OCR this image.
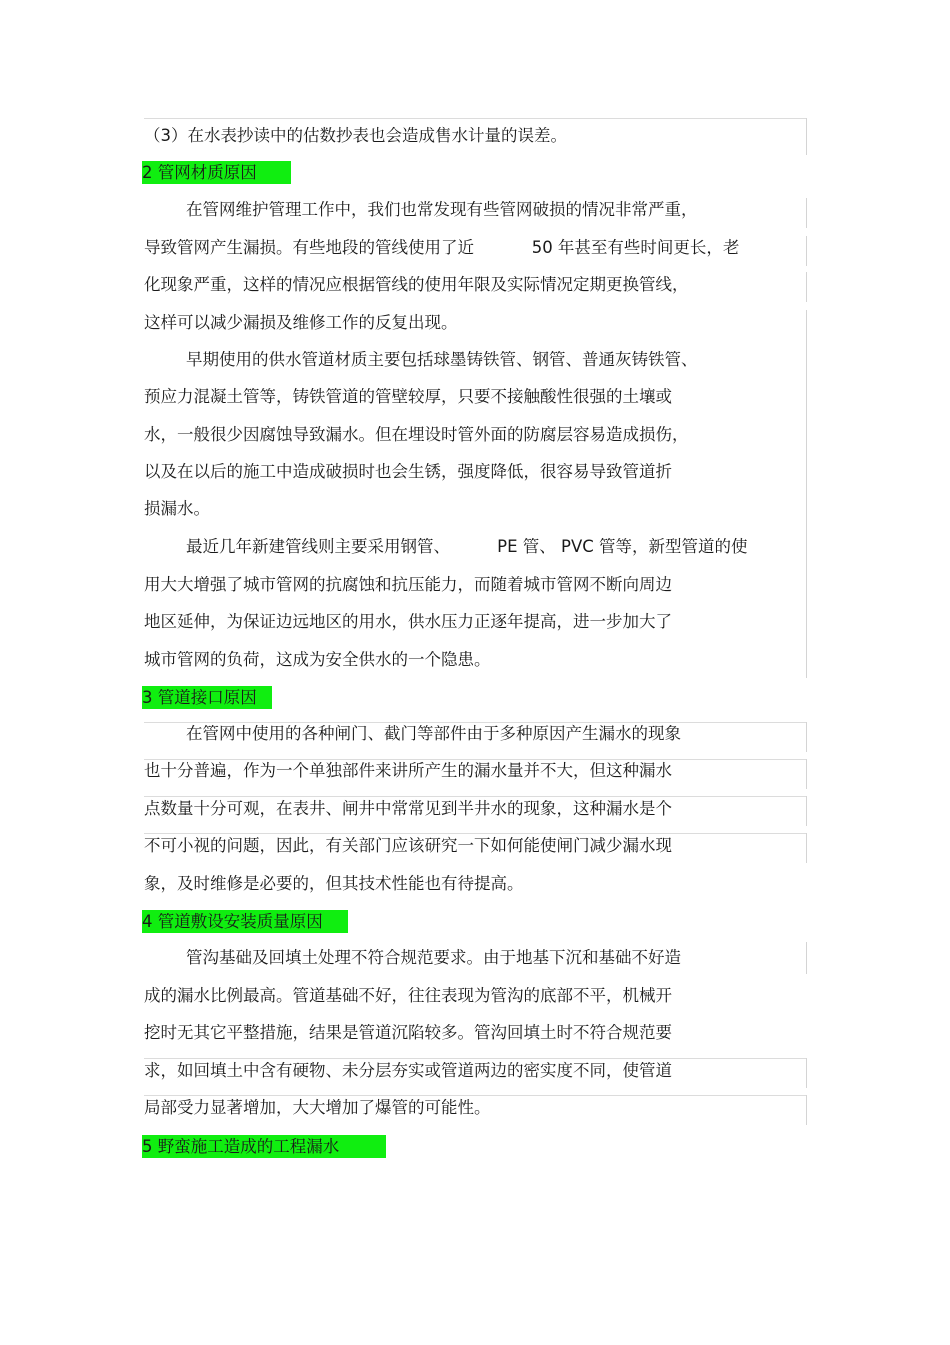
（3）在水表抄读中的估数抄表也会造成售水计量的误差。
2 管网材质原因
在管网维护管理工作中，我们也常发现有些管网破损的情况非常严重，
导致管网产生漏损。有些地段的管线使用了近           50 年甚至有些时间更长，老
化现象严重，这样的情况应根据管线的使用年限及实际情况定期更换管线，
这样可以减少漏损及维修工作的反复出现。
早期使用的供水管道材质主要包括球墨铸铁管、钢管、普通灰铸铁管、
预应力混凝土管等，铸铁管道的管壁较厚，只要不接触酸性很强的土壤或
水，一般很少因腐蚀导致漏水。但在埋设时管外面的防腐层容易造成损伤，
以及在以后的施工中造成破损时也会生锈，强度降低，很容易导致管道折
损漏水。
最近几年新建管线则主要采用钢管、         PE 管、 PVC 管等，新型管道的使
用大大增强了城市管网的抗腐蚀和抗压能力，而随着城市管网不断向周边
地区延伸，为保证边远地区的用水，供水压力正逐年提高，进一步加大了
城市管网的负荷，这成为安全供水的一个隐患。
3 管道接口原因
在管网中使用的各种闸门、截门等部件由于多种原因产生漏水的现象
也十分普遍，作为一个单独部件来讲所产生的漏水量并不大，但这种漏水
点数量十分可观，在表井、闸井中常常见到半井水的现象，这种漏水是个
不可小视的问题，因此，有关部门应该研究一下如何能使闸门减少漏水现
象，及时维修是必要的，但其技术性能也有待提高。
4 管道敷设安装质量原因
管沟基础及回填土处理不符合规范要求。由于地基下沉和基础不好造
成的漏水比例最高。管道基础不好，往往表现为管沟的底部不平，机械开
挖时无其它平整措施，结果是管道沉陷较多。管沟回填土时不符合规范要
求，如回填土中含有硬物、未分层夯实或管道两边的密实度不同，使管道
局部受力显著增加，大大增加了爆管的可能性。
5 野蛮施工造成的工程漏水
